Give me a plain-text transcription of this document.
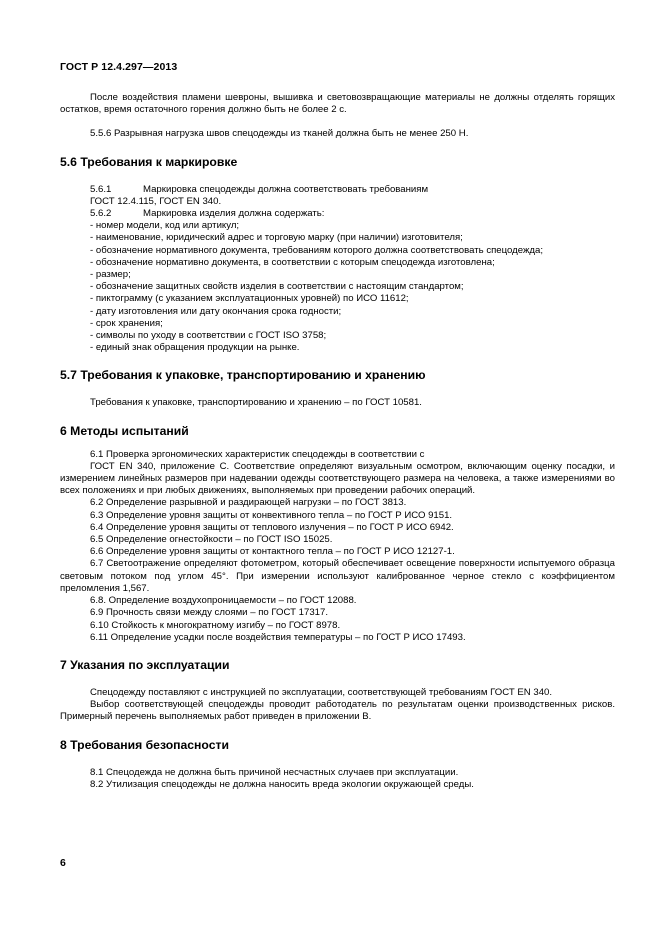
ГОСТ Р 12.4.297—2013

После воздействия пламени шевроны, вышивка и световозвращающие материалы не должны отделять горящих остатков, время остаточного горения должно быть не более 2 с.

5.5.6 Разрывная нагрузка швов спецодежды из тканей должна быть не менее 250 Н.

5.6 Требования к маркировке
5.6.1	Маркировка спецодежды должна соответствовать требованиям

ГОСТ 12.4.115, ГОСТ EN 340.

5.6.2	Маркировка изделия должна содержать:

- номер модели, код или артикул;

- наименование, юридический адрес и торговую марку (при наличии) изготовителя;

- обозначение нормативного документа, требованиям которого должна соответствовать спецодежда;

- обозначение нормативно документа, в соответствии с которым спецодежда изготовлена;

- размер;

- обозначение защитных свойств изделия в соответствии с настоящим стандартом;

- пиктограмму (с указанием эксплуатационных уровней) по ИСО 11612;

- дату изготовления или дату окончания срока годности;

- срок хранения;

- символы по уходу в соответствии с ГОСТ ISO 3758;

- единый знак обращения продукции на рынке.

5.7 Требования к упаковке, транспортированию и хранению

Требования к упаковке, транспортированию и хранению – по ГОСТ 10581.

6 Методы испытаний

6.1 Проверка эргономических характеристик спецодежды в соответствии с

ГОСТ EN 340, приложение С. Соответствие определяют визуальным осмотром, включающим оценку посадки, и измерением линейных размеров при надевании одежды соответствующего размера на человека, а также измерениями во всех положениях и при любых движениях, выполняемых при проведении рабочих операций.

6.2 Определение разрывной и раздирающей нагрузки – по ГОСТ 3813.

6.3 Определение уровня защиты от конвективного тепла – по ГОСТ Р ИСО 9151.

6.4 Определение уровня защиты от теплового излучения – по ГОСТ Р ИСО 6942.

6.5 Определение огнестойкости – по ГОСТ ISO 15025.

6.6 Определение уровня защиты от контактного тепла – по ГОСТ Р ИСО 12127-1.

6.7 Светоотражение определяют фотометром, который обеспечивает освещение поверхности испытуемого образца световым потоком под углом 45°. При измерении используют калиброванное черное стекло с коэффициентом преломления 1,567.

6.8. Определение воздухопроницаемости – по ГОСТ 12088.

6.9 Прочность связи между слоями – по ГОСТ 17317.

6.10 Стойкость к многократному изгибу – по ГОСТ 8978.

6.11 Определение усадки после воздействия температуры – по ГОСТ Р ИСО 17493.

7 Указания по эксплуатации

Спецодежду поставляют с инструкцией по эксплуатации, соответствующей требованиям ГОСТ EN 340.

Выбор соответствующей спецодежды проводит работодатель по результатам оценки производственных рисков. Примерный перечень выполняемых работ приведен в приложении В.

8 Требования безопасности

8.1 Спецодежда не должна быть причиной несчастных случаев при эксплуатации.

8.2 Утилизация спецодежды не должна наносить вреда экологии окружающей среды.

6
